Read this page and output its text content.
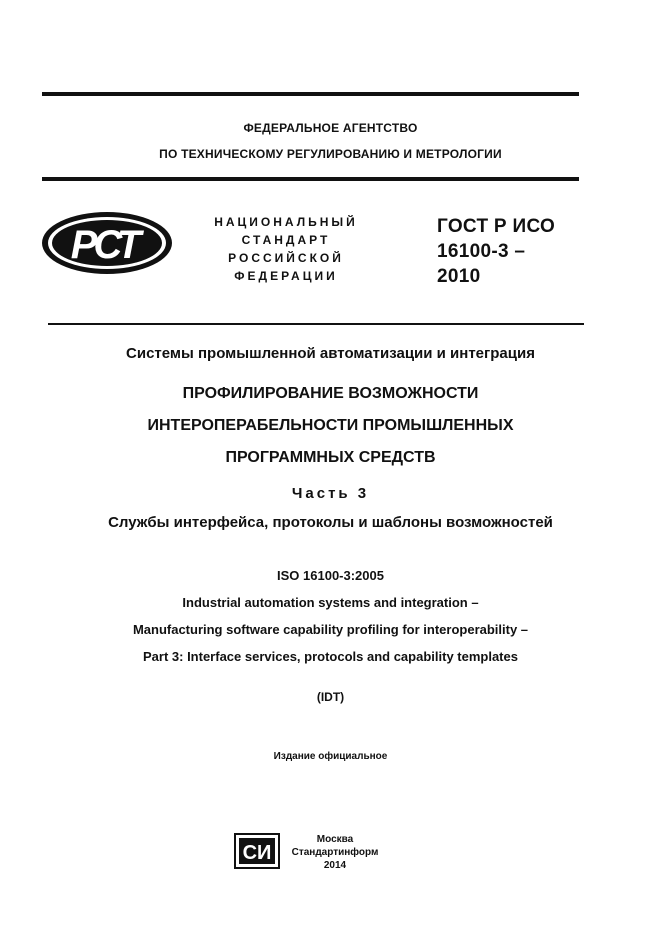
ФЕДЕРАЛЬНОЕ АГЕНТСТВО
ПО ТЕХНИЧЕСКОМУ РЕГУЛИРОВАНИЮ И МЕТРОЛОГИИ
РСТ
НАЦИОНАЛЬНЫЙ
СТАНДАРТ
РОССИЙСКОЙ
ФЕДЕРАЦИИ
ГОСТ Р ИСО
16100-3 –
2010
Системы промышленной автоматизации и интеграция
ПРОФИЛИРОВАНИЕ ВОЗМОЖНОСТИ
ИНТЕРОПЕРАБЕЛЬНОСТИ ПРОМЫШЛЕННЫХ
ПРОГРАММНЫХ СРЕДСТВ
Часть 3
Службы интерфейса, протоколы и шаблоны возможностей
ISO 16100-3:2005
Industrial automation systems and integration –
Manufacturing software capability profiling for interoperability –
Part 3: Interface services, protocols and capability templates
(IDT)
Издание официальное
СИ
Москва
Стандартинформ
2014
